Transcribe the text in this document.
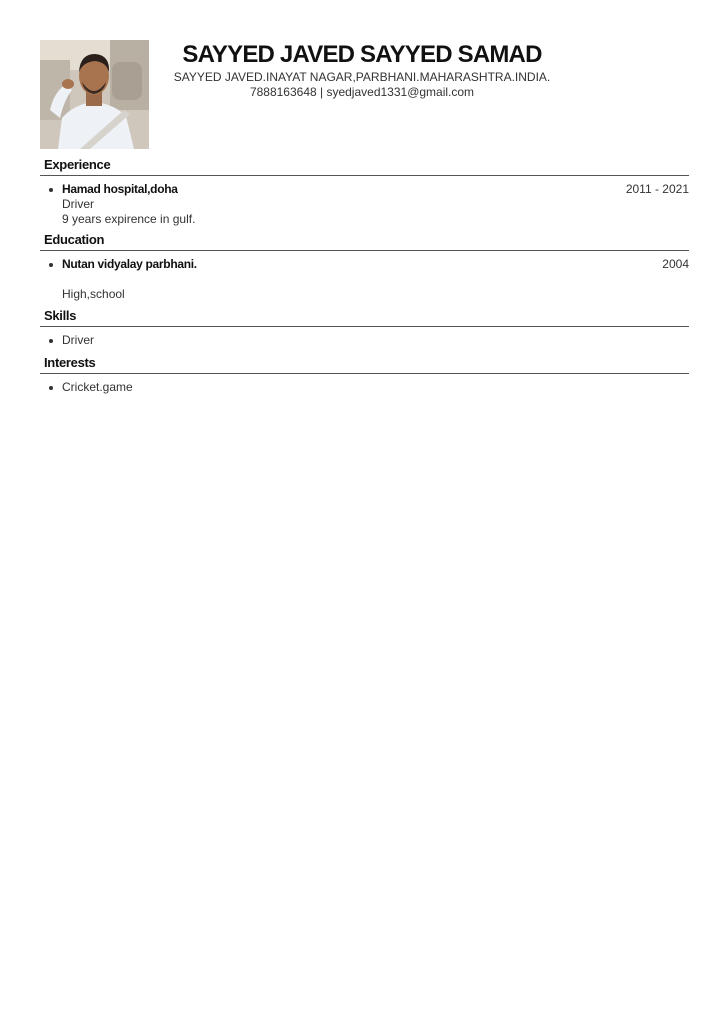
SAYYED JAVED SAYYED SAMAD
SAYYED JAVED.INAYAT NAGAR,PARBHANI.MAHARASHTRA.INDIA.
7888163648 | syedjaved1331@gmail.com
Experience
Hamad hospital,doha	2011 - 2021
Driver
9 years expirence in gulf.
Education
Nutan vidyalay parbhani.	2004
High,school
Skills
Driver
Interests
Cricket.game
